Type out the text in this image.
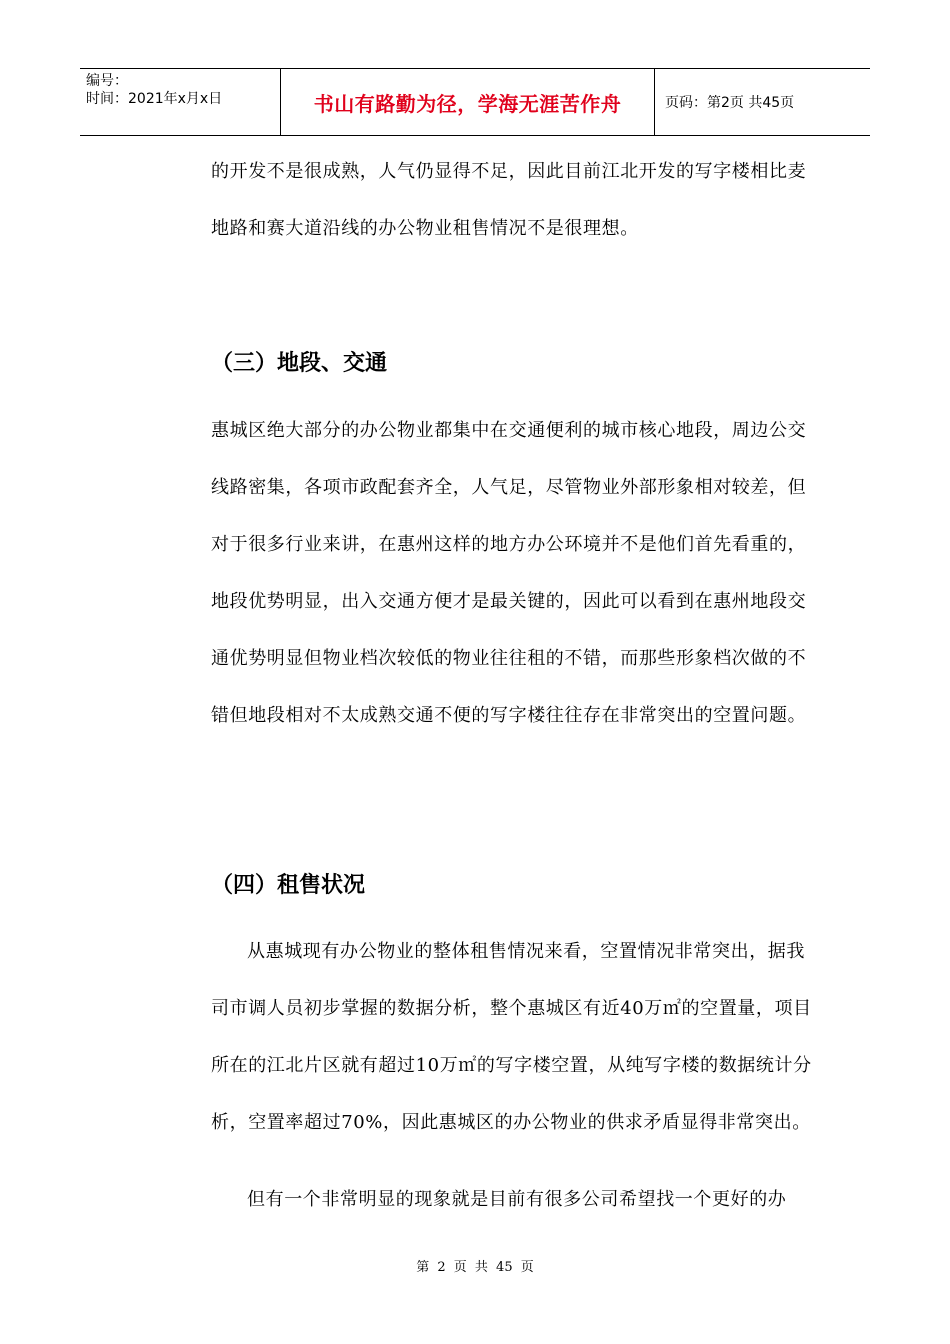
编号：
时间：2021年x月x日	书山有路勤为径，学海无涯苦作舟	页码：第2页 共45页

的开发不是很成熟，人气仍显得不足，因此目前江北开发的写字楼相比麦地路和赛大道沿线的办公物业租售情况不是很理想。

（三）地段、交通

惠城区绝大部分的办公物业都集中在交通便利的城市核心地段，周边公交线路密集，各项市政配套齐全，人气足，尽管物业外部形象相对较差，但对于很多行业来讲，在惠州这样的地方办公环境并不是他们首先看重的，地段优势明显，出入交通方便才是最关键的，因此可以看到在惠州地段交通优势明显但物业档次较低的物业往往租的不错，而那些形象档次做的不错但地段相对不太成熟交通不便的写字楼往往存在非常突出的空置问题。

（四）租售状况

从惠城现有办公物业的整体租售情况来看，空置情况非常突出，据我司市调人员初步掌握的数据分析，整个惠城区有近40万㎡的空置量，项目所在的江北片区就有超过10万㎡的写字楼空置，从纯写字楼的数据统计分析，空置率超过70%，因此惠城区的办公物业的供求矛盾显得非常突出。

但有一个非常明显的现象就是目前有很多公司希望找一个更好的办

第 2 页 共 45 页
